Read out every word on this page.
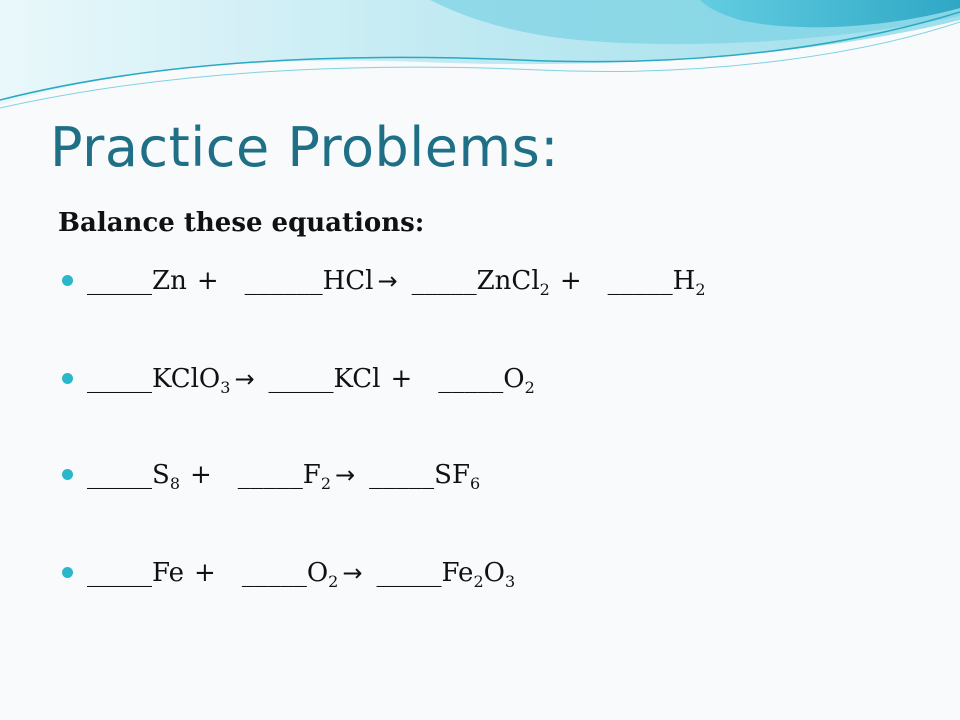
Practice Problems:

Balance these equations:

_____ Zn + _____ _ HCl → _____ ZnCl$_2$ + _____ $H_2$
_____ KClO$_3$ → _____ KCl + _____ $O_2$
_____ $S_8$ + _____ $F_2$ → _____ $SF_6$
_____ Fe + _____ $O_2$ → _____ $Fe_2O_3$
